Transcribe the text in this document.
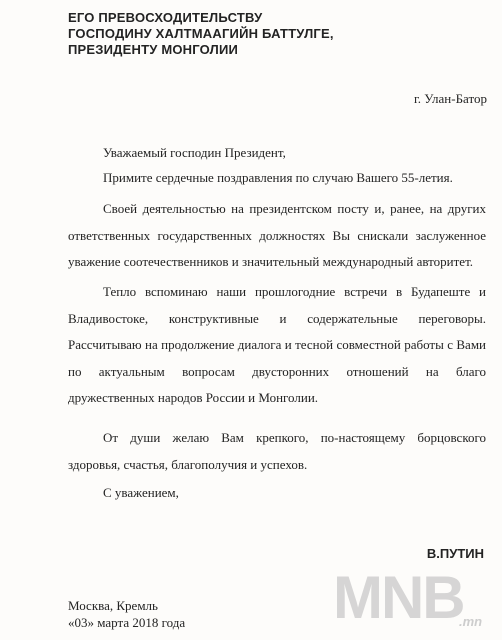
ЕГО ПРЕВОСХОДИТЕЛЬСТВУ
ГОСПОДИНУ ХАЛТМААГИЙН БАТТУЛГЕ,
ПРЕЗИДЕНТУ МОНГОЛИИ
г. Улан-Батор
Уважаемый господин Президент,

Примите сердечные поздравления по случаю Вашего 55-летия.

Своей деятельностью на президентском посту и, ранее, на других ответственных государственных должностях Вы снискали заслуженное уважение соотечественников и значительный международный авторитет.

Тепло вспоминаю наши прошлогодние встречи в Будапеште и Владивостоке, конструктивные и содержательные переговоры. Рассчитываю на продолжение диалога и тесной совместной работы с Вами по актуальным вопросам двусторонних отношений на благо дружественных народов России и Монголии.

От души желаю Вам крепкого, по-настоящему борцовского здоровья, счастья, благополучия и успехов.

С уважением,
В.ПУТИН
Москва, Кремль
«03» марта 2018 года MNB
.mn
